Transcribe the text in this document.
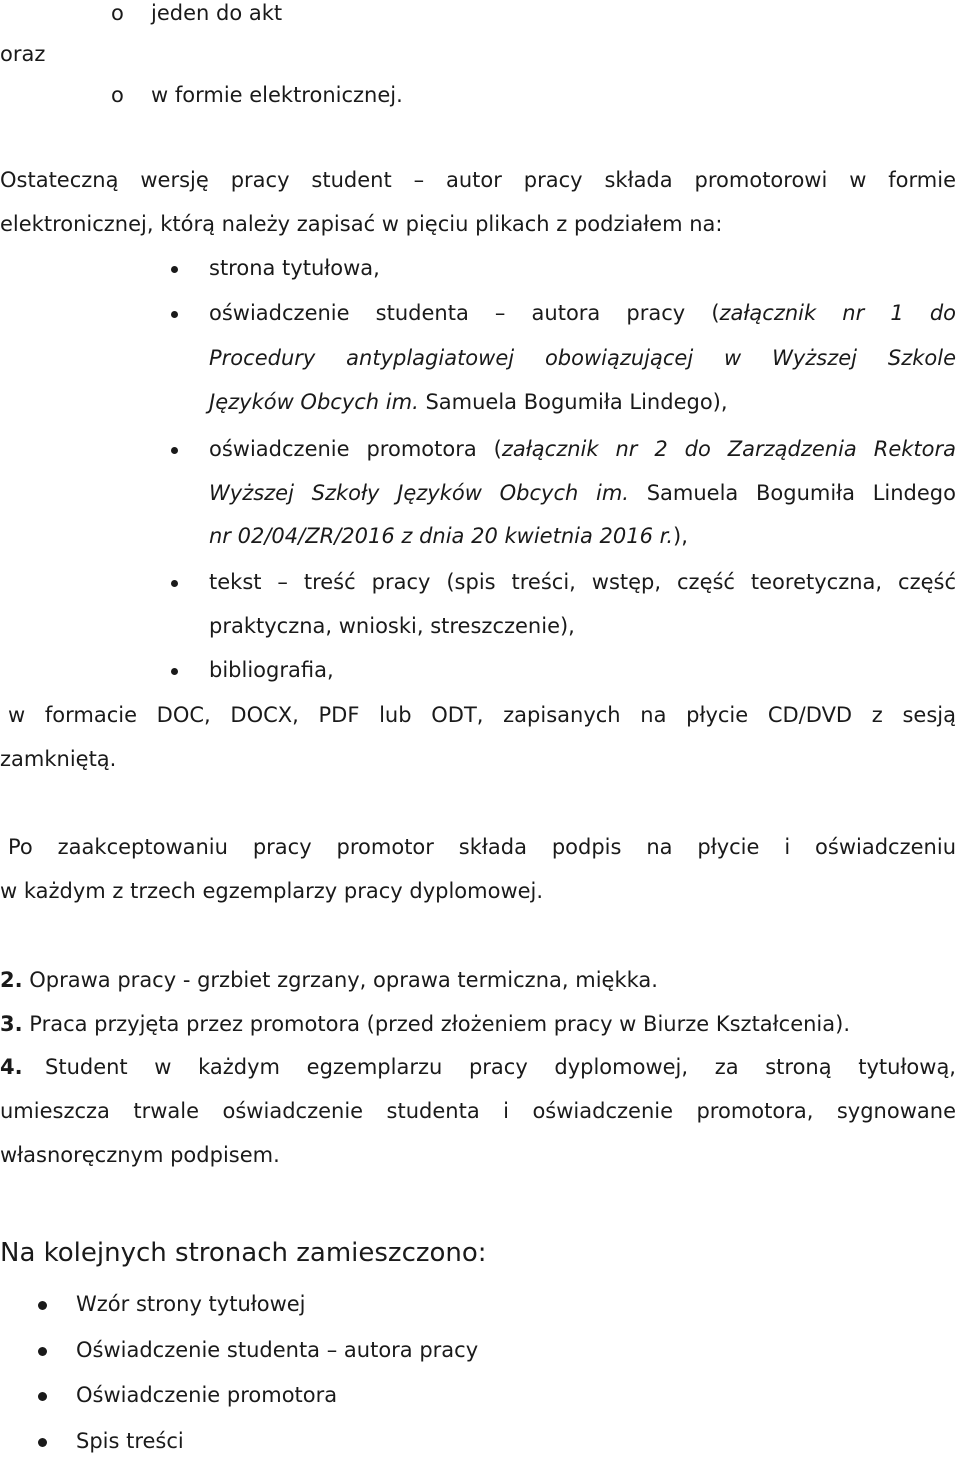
o jeden do akt
oraz
o w formie elektronicznej.
Ostateczną wersję pracy student – autor pracy składa promotorowi w formie
elektronicznej, którą należy zapisać w pięciu plikach z podziałem na:
strona tytułowa,
oświadczenie studenta – autora pracy (załącznik nr 1 do
Procedury antyplagiatowej obowiązującej w Wyższej Szkole
Języków Obcych im. Samuela Bogumiła Lindego),
oświadczenie promotora (załącznik nr 2 do Zarządzenia Rektora
Wyższej Szkoły Języków Obcych im. Samuela Bogumiła Lindego
nr 02/04/ZR/2016 z dnia 20 kwietnia 2016 r.),
tekst – treść pracy (spis treści, wstęp, część teoretyczna, część
praktyczna, wnioski, streszczenie),
bibliografia,
w formacie DOC, DOCX, PDF lub ODT, zapisanych na płycie CD/DVD z sesją
zamkniętą.
Po zaakceptowaniu pracy promotor składa podpis na płycie i oświadczeniu
w każdym z trzech egzemplarzy pracy dyplomowej.
2. Oprawa pracy - grzbiet zgrzany, oprawa termiczna, miękka.
3. Praca przyjęta przez promotora (przed złożeniem pracy w Biurze Kształcenia).
4. Student w każdym egzemplarzu pracy dyplomowej, za stroną tytułową,
umieszcza trwale oświadczenie studenta i oświadczenie promotora, sygnowane
własnoręcznym podpisem.
Na kolejnych stronach zamieszczono:
Wzór strony tytułowej
Oświadczenie studenta – autora pracy
Oświadczenie promotora
Spis treści
